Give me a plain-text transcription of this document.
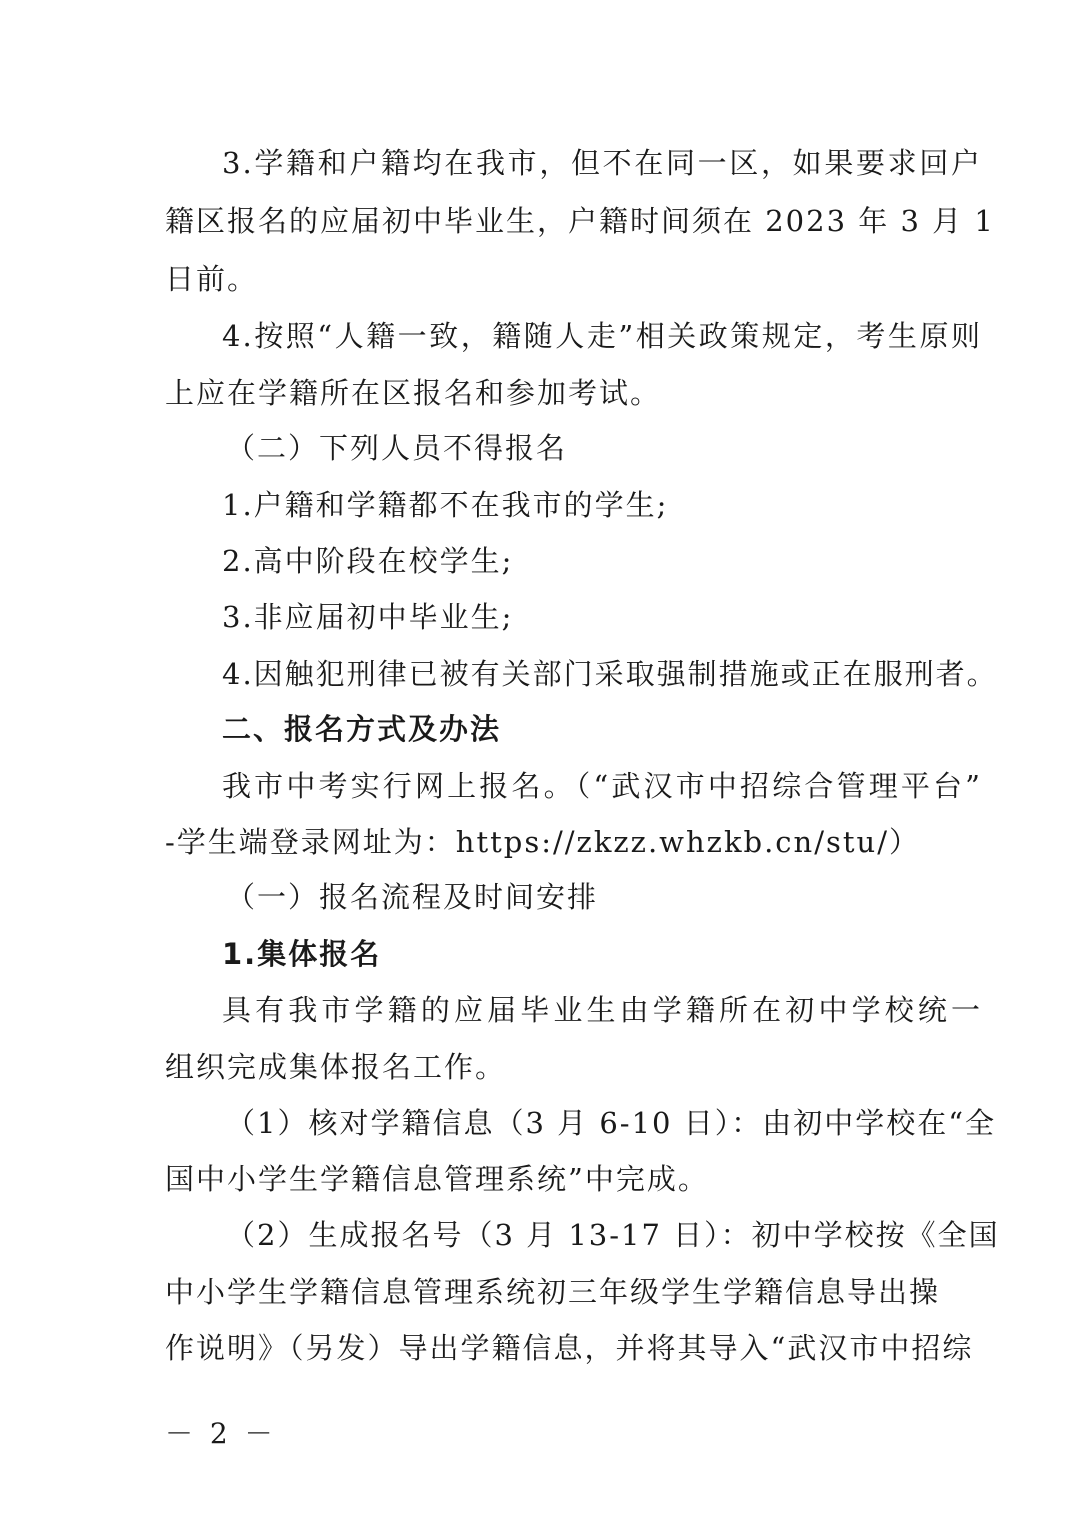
3.学籍和户籍均在我市，但不在同一区，如果要求回户
籍区报名的应届初中毕业生，户籍时间须在 2023 年 3 月 1
日前。
4.按照“人籍一致，籍随人走”相关政策规定，考生原则
上应在学籍所在区报名和参加考试。
（二）下列人员不得报名
1.户籍和学籍都不在我市的学生;
2.高中阶段在校学生;
3.非应届初中毕业生;
4.因触犯刑律已被有关部门采取强制措施或正在服刑者。
二、报名方式及办法
我市中考实行网上报名。（“武汉市中招综合管理平台”
-学生端登录网址为：https://zkzz.whzkb.cn/stu/）
（一）报名流程及时间安排
1.集体报名
具有我市学籍的应届毕业生由学籍所在初中学校统一
组织完成集体报名工作。
（1）核对学籍信息（3 月 6-10 日）：由初中学校在“全
国中小学生学籍信息管理系统”中完成。
（2）生成报名号（3 月 13-17 日）：初中学校按《全国
中小学生学籍信息管理系统初三年级学生学籍信息导出操
作说明》（另发）导出学籍信息，并将其导入“武汉市中招综
－ 2 －
